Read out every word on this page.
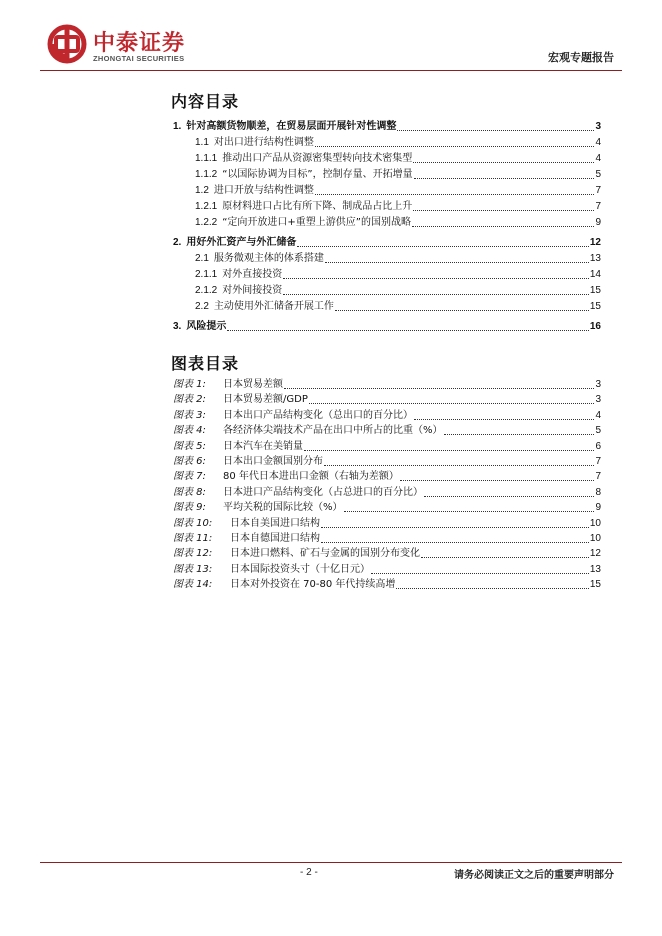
中泰证券
ZHONGTAI SECURITIES	宏观专题报告
内容目录
1. 针对高额货物顺差，在贸易层面开展针对性调整	3
1.1 对出口进行结构性调整	4
1.1.1 推动出口产品从资源密集型转向技术密集型	4
1.1.2 “以国际协调为目标”，控制存量、开拓增量	5
1.2 进口开放与结构性调整	7
1.2.1 原材料进口占比有所下降、制成品占比上升	7
1.2.2 “定向开放进口+重塑上游供应”的国别战略	9
2. 用好外汇资产与外汇储备	12
2.1 服务微观主体的体系搭建	13
2.1.1 对外直接投资	14
2.1.2 对外间接投资	15
2.2 主动使用外汇储备开展工作	15
3. 风险提示	16
图表目录
图表 1:	日本贸易差额	3
图表 2:	日本贸易差额/GDP	3
图表 3:	日本出口产品结构变化（总出口的百分比）	4
图表 4:	各经济体尖端技术产品在出口中所占的比重（%）	5
图表 5:	日本汽车在美销量	6
图表 6:	日本出口金额国别分布	7
图表 7:	80 年代日本进出口金额（右轴为差额）	7
图表 8:	日本进口产品结构变化（占总进口的百分比）	8
图表 9:	平均关税的国际比较（%）	9
图表 10:	日本自美国进口结构	10
图表 11:	日本自德国进口结构	10
图表 12:	日本进口燃料、矿石与金属的国别分布变化	12
图表 13:	日本国际投资头寸（十亿日元）	13
图表 14:	日本对外投资在 70-80 年代持续高增	15
- 2 -	请务必阅读正文之后的重要声明部分
